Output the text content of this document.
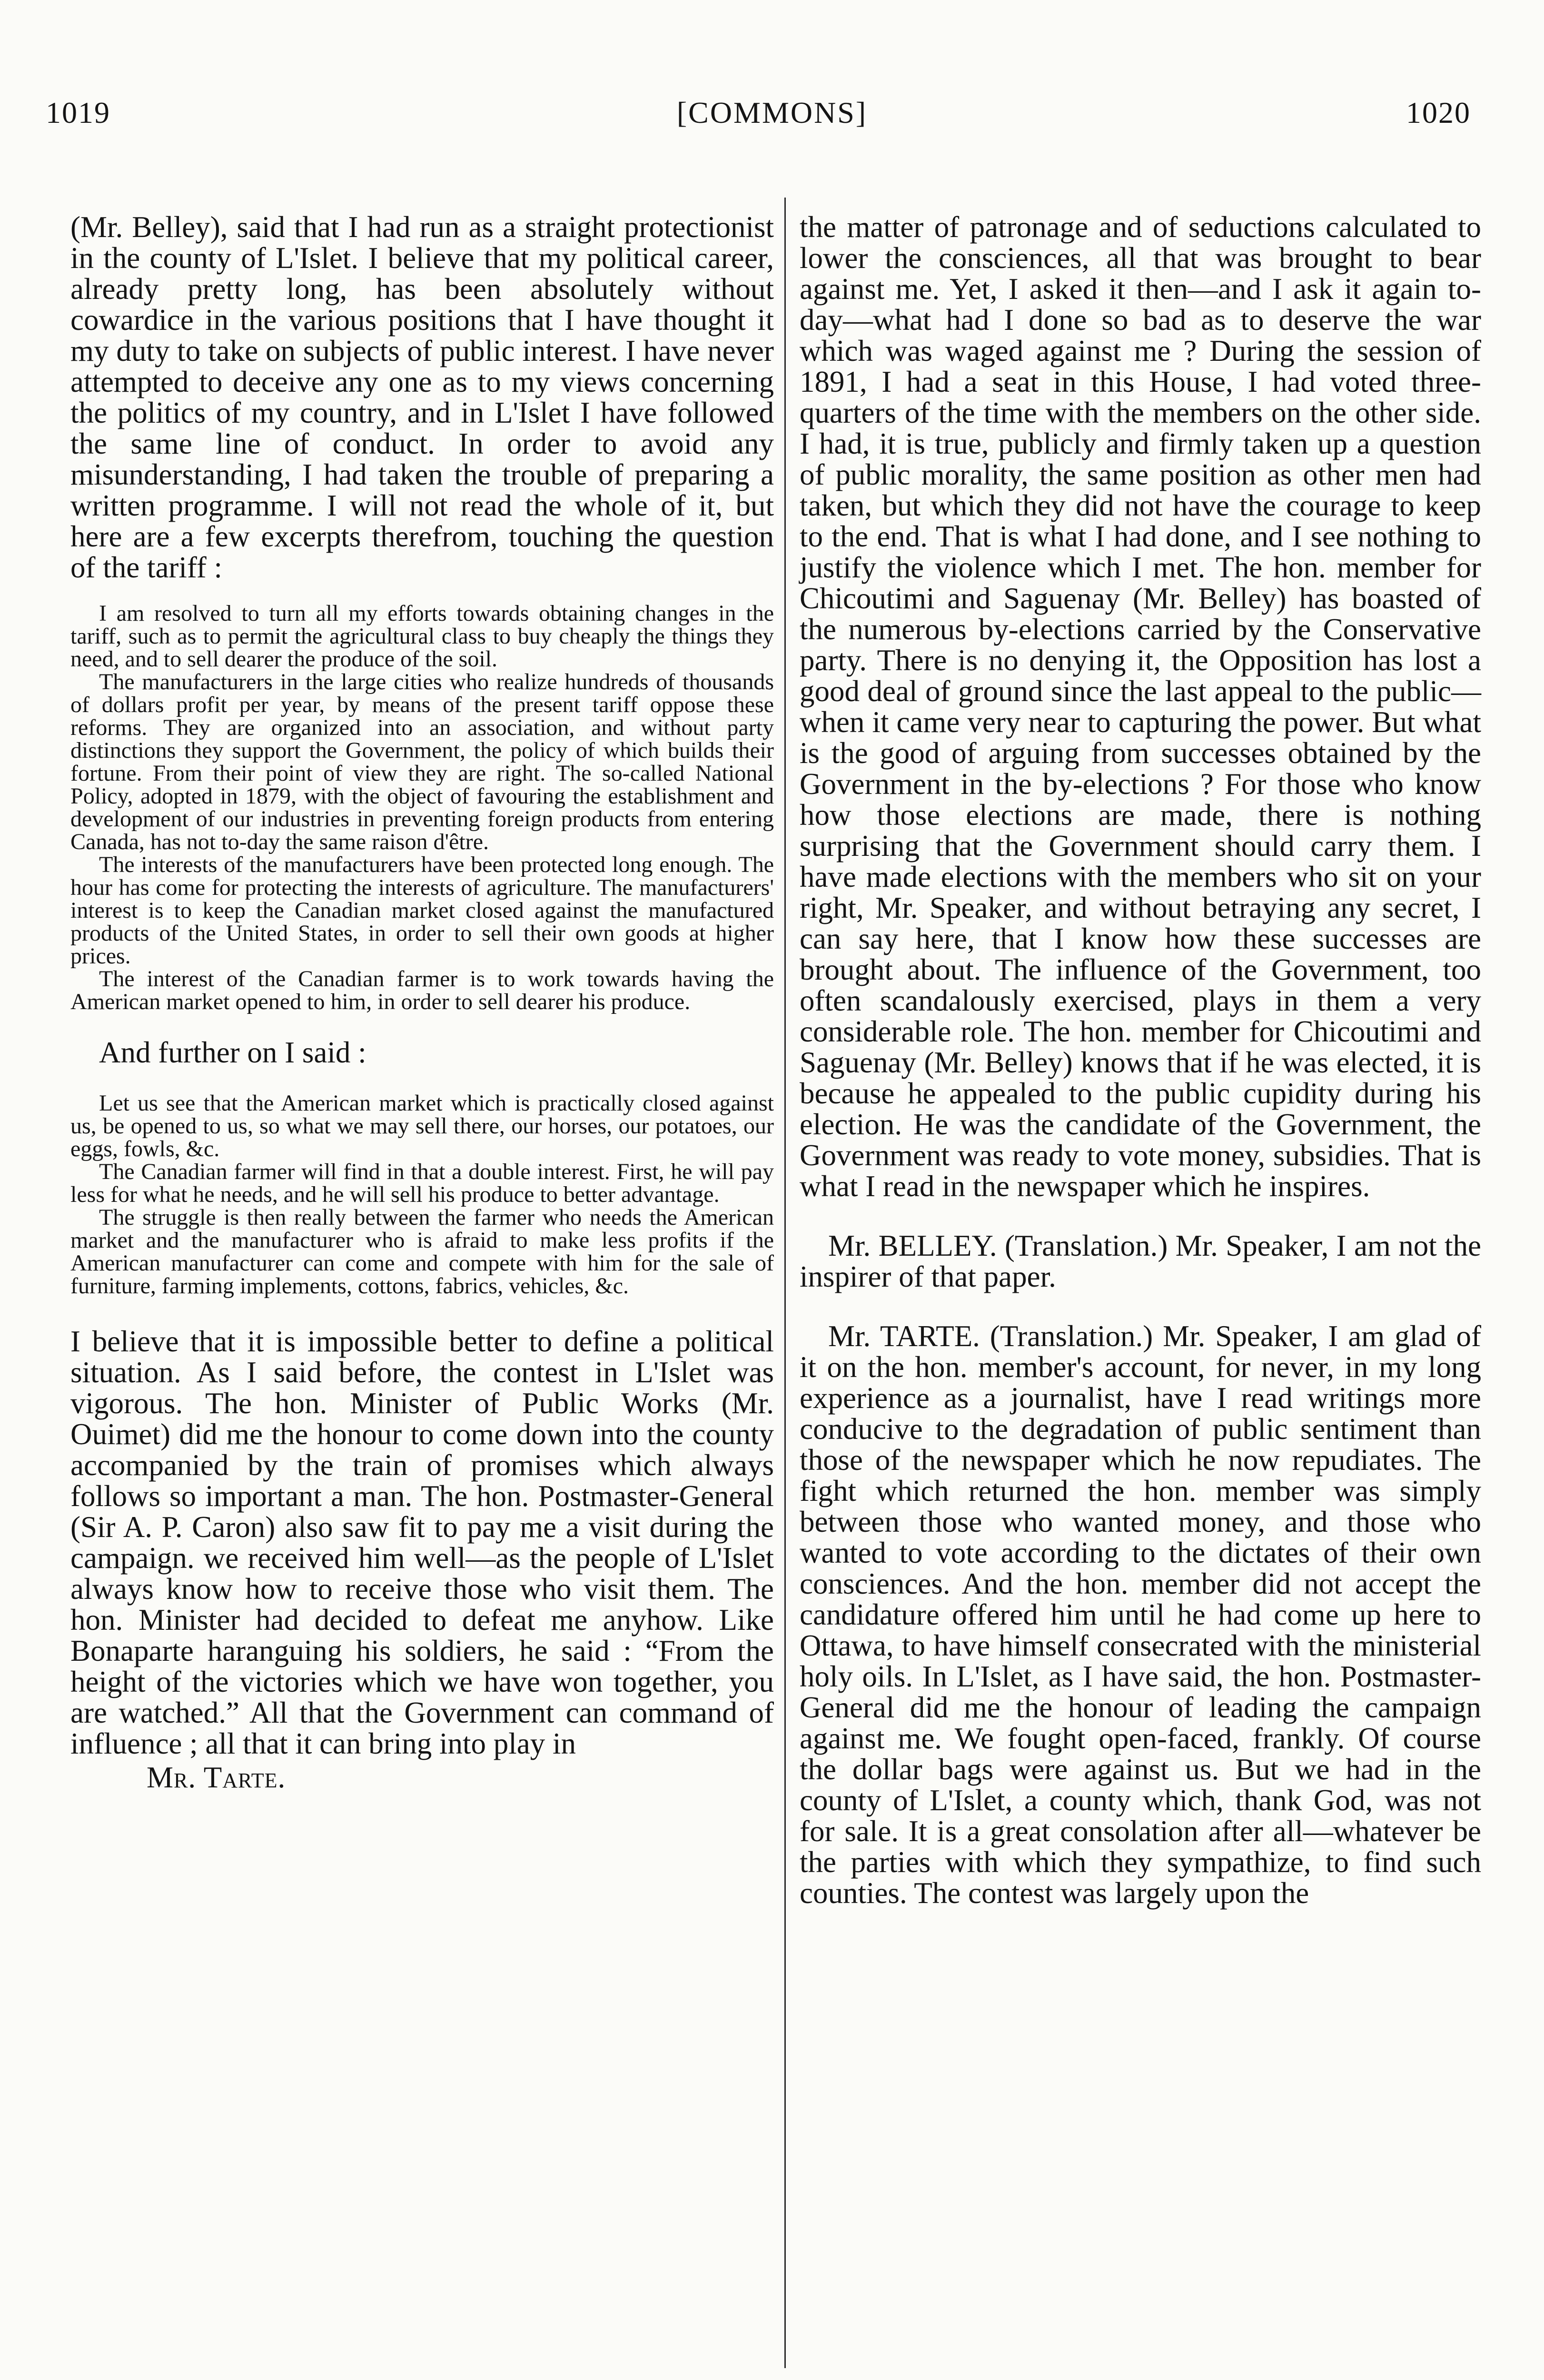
1019	[COMMONS]	1020

(Mr. Belley), said that I had run as a straight protectionist in the county of L'Islet. I believe that my political career, already pretty long, has been absolutely without cowardice in the various positions that I have thought it my duty to take on subjects of public interest. I have never attempted to deceive any one as to my views concerning the politics of my country, and in L'Islet I have followed the same line of conduct. In order to avoid any misunderstanding, I had taken the trouble of preparing a written programme. I will not read the whole of it, but here are a few excerpts therefrom, touching the question of the tariff :

I am resolved to turn all my efforts towards obtaining changes in the tariff, such as to permit the agricultural class to buy cheaply the things they need, and to sell dearer the produce of the soil.

The manufacturers in the large cities who realize hundreds of thousands of dollars profit per year, by means of the present tariff oppose these reforms. They are organized into an association, and without party distinctions they support the Government, the policy of which builds their fortune. From their point of view they are right. The so-called National Policy, adopted in 1879, with the object of favouring the establishment and development of our industries in preventing foreign products from entering Canada, has not to-day the same raison d'être.

The interests of the manufacturers have been protected long enough. The hour has come for protecting the interests of agriculture. The manufacturers' interest is to keep the Canadian market closed against the manufactured products of the United States, in order to sell their own goods at higher prices.

The interest of the Canadian farmer is to work towards having the American market opened to him, in order to sell dearer his produce.

And further on I said :

Let us see that the American market which is practically closed against us, be opened to us, so what we may sell there, our horses, our potatoes, our eggs, fowls, &c.

The Canadian farmer will find in that a double interest. First, he will pay less for what he needs, and he will sell his produce to better advantage.

The struggle is then really between the farmer who needs the American market and the manufacturer who is afraid to make less profits if the American manufacturer can come and compete with him for the sale of furniture, farming implements, cottons, fabrics, vehicles, &c.

I believe that it is impossible better to define a political situation. As I said before, the contest in L'Islet was vigorous. The hon. Minister of Public Works (Mr. Ouimet) did me the honour to come down into the county accompanied by the train of promises which always follows so important a man. The hon. Postmaster-General (Sir A. P. Caron) also saw fit to pay me a visit during the campaign. we received him well—as the people of L'Islet always know how to receive those who visit them. The hon. Minister had decided to defeat me anyhow. Like Bonaparte haranguing his soldiers, he said : “From the height of the victories which we have won together, you are watched.” All that the Government can command of influence ; all that it can bring into play in

Mr. Tarte.

the matter of patronage and of seductions calculated to lower the consciences, all that was brought to bear against me. Yet, I asked it then—and I ask it again to-day—what had I done so bad as to deserve the war which was waged against me ? During the session of 1891, I had a seat in this House, I had voted three-quarters of the time with the members on the other side. I had, it is true, publicly and firmly taken up a question of public morality, the same position as other men had taken, but which they did not have the courage to keep to the end. That is what I had done, and I see nothing to justify the violence which I met. The hon. member for Chicoutimi and Saguenay (Mr. Belley) has boasted of the numerous by-elections carried by the Conservative party. There is no denying it, the Opposition has lost a good deal of ground since the last appeal to the public—when it came very near to capturing the power. But what is the good of arguing from successes obtained by the Government in the by-elections ? For those who know how those elections are made, there is nothing surprising that the Government should carry them. I have made elections with the members who sit on your right, Mr. Speaker, and without betraying any secret, I can say here, that I know how these successes are brought about. The influence of the Government, too often scandalously exercised, plays in them a very considerable role. The hon. member for Chicoutimi and Saguenay (Mr. Belley) knows that if he was elected, it is because he appealed to the public cupidity during his election. He was the candidate of the Government, the Government was ready to vote money, subsidies. That is what I read in the newspaper which he inspires.

Mr. BELLEY. (Translation.) Mr. Speaker, I am not the inspirer of that paper.

Mr. TARTE. (Translation.) Mr. Speaker, I am glad of it on the hon. member's account, for never, in my long experience as a journalist, have I read writings more conducive to the degradation of public sentiment than those of the newspaper which he now repudiates. The fight which returned the hon. member was simply between those who wanted money, and those who wanted to vote according to the dictates of their own consciences. And the hon. member did not accept the candidature offered him until he had come up here to Ottawa, to have himself consecrated with the ministerial holy oils. In L'Islet, as I have said, the hon. Postmaster-General did me the honour of leading the campaign against me. We fought open-faced, frankly. Of course the dollar bags were against us. But we had in the county of L'Islet, a county which, thank God, was not for sale. It is a great consolation after all—whatever be the parties with which they sympathize, to find such counties. The contest was largely upon the
